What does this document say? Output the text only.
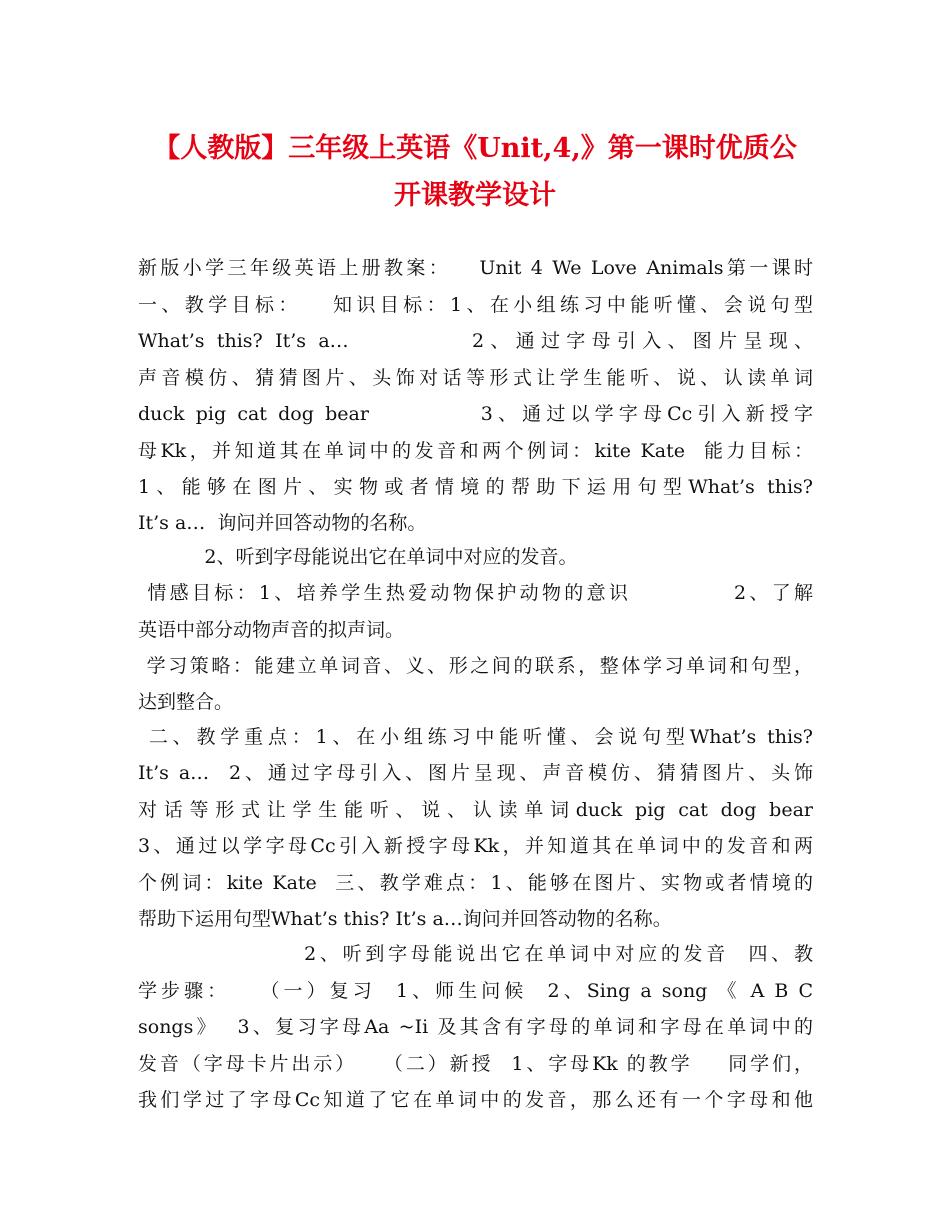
【人教版】三年级上英语《Unit,4,》第一课时优质公
开课教学设计
新版小学三年级英语上册教案：   Unit 4 We Love Animals第一课时
一、教学目标：   知识目标：1、在小组练习中能听懂、会说句型
What’s this? It’s a…          2、通过字母引入、图片呈现、
声音模仿、猜猜图片、头饰对话等形式让学生能听、说、认读单词
duck pig cat dog bear          3、通过以学字母Cc引入新授字
母Kk，并知道其在单词中的发音和两个例词：kite Kate  能力目标：
1、能够在图片、实物或者情境的帮助下运用句型What’s this?
It’s a…  询问并回答动物的名称。
2、听到字母能说出它在单词中对应的发音。
情感目标：1、培养学生热爱动物保护动物的意识           2、了解
英语中部分动物声音的拟声词。
学习策略：能建立单词音、义、形之间的联系，整体学习单词和句型，
达到整合。
二、教学重点：1、在小组练习中能听懂、会说句型What’s this?
It’s a…  2、通过字母引入、图片呈现、声音模仿、猜猜图片、头饰
对话等形式让学生能听、说、认读单词duck pig cat dog bear
3、通过以学字母Cc引入新授字母Kk，并知道其在单词中的发音和两
个例词：kite Kate  三、教学难点：1、能够在图片、实物或者情境的
帮助下运用句型What’s this? It’s a…询问并回答动物的名称。
2、听到字母能说出它在单词中对应的发音  四、教
学步骤：   （一）复习  1、师生问候  2、Sing a song 《 A B C
songs》  3、复习字母Aa ~Ii 及其含有字母的单词和字母在单词中的
发音（字母卡片出示）   （二）新授  1、字母Kk 的教学    同学们，
我们学过了字母Cc知道了它在单词中的发音，那么还有一个字母和他
